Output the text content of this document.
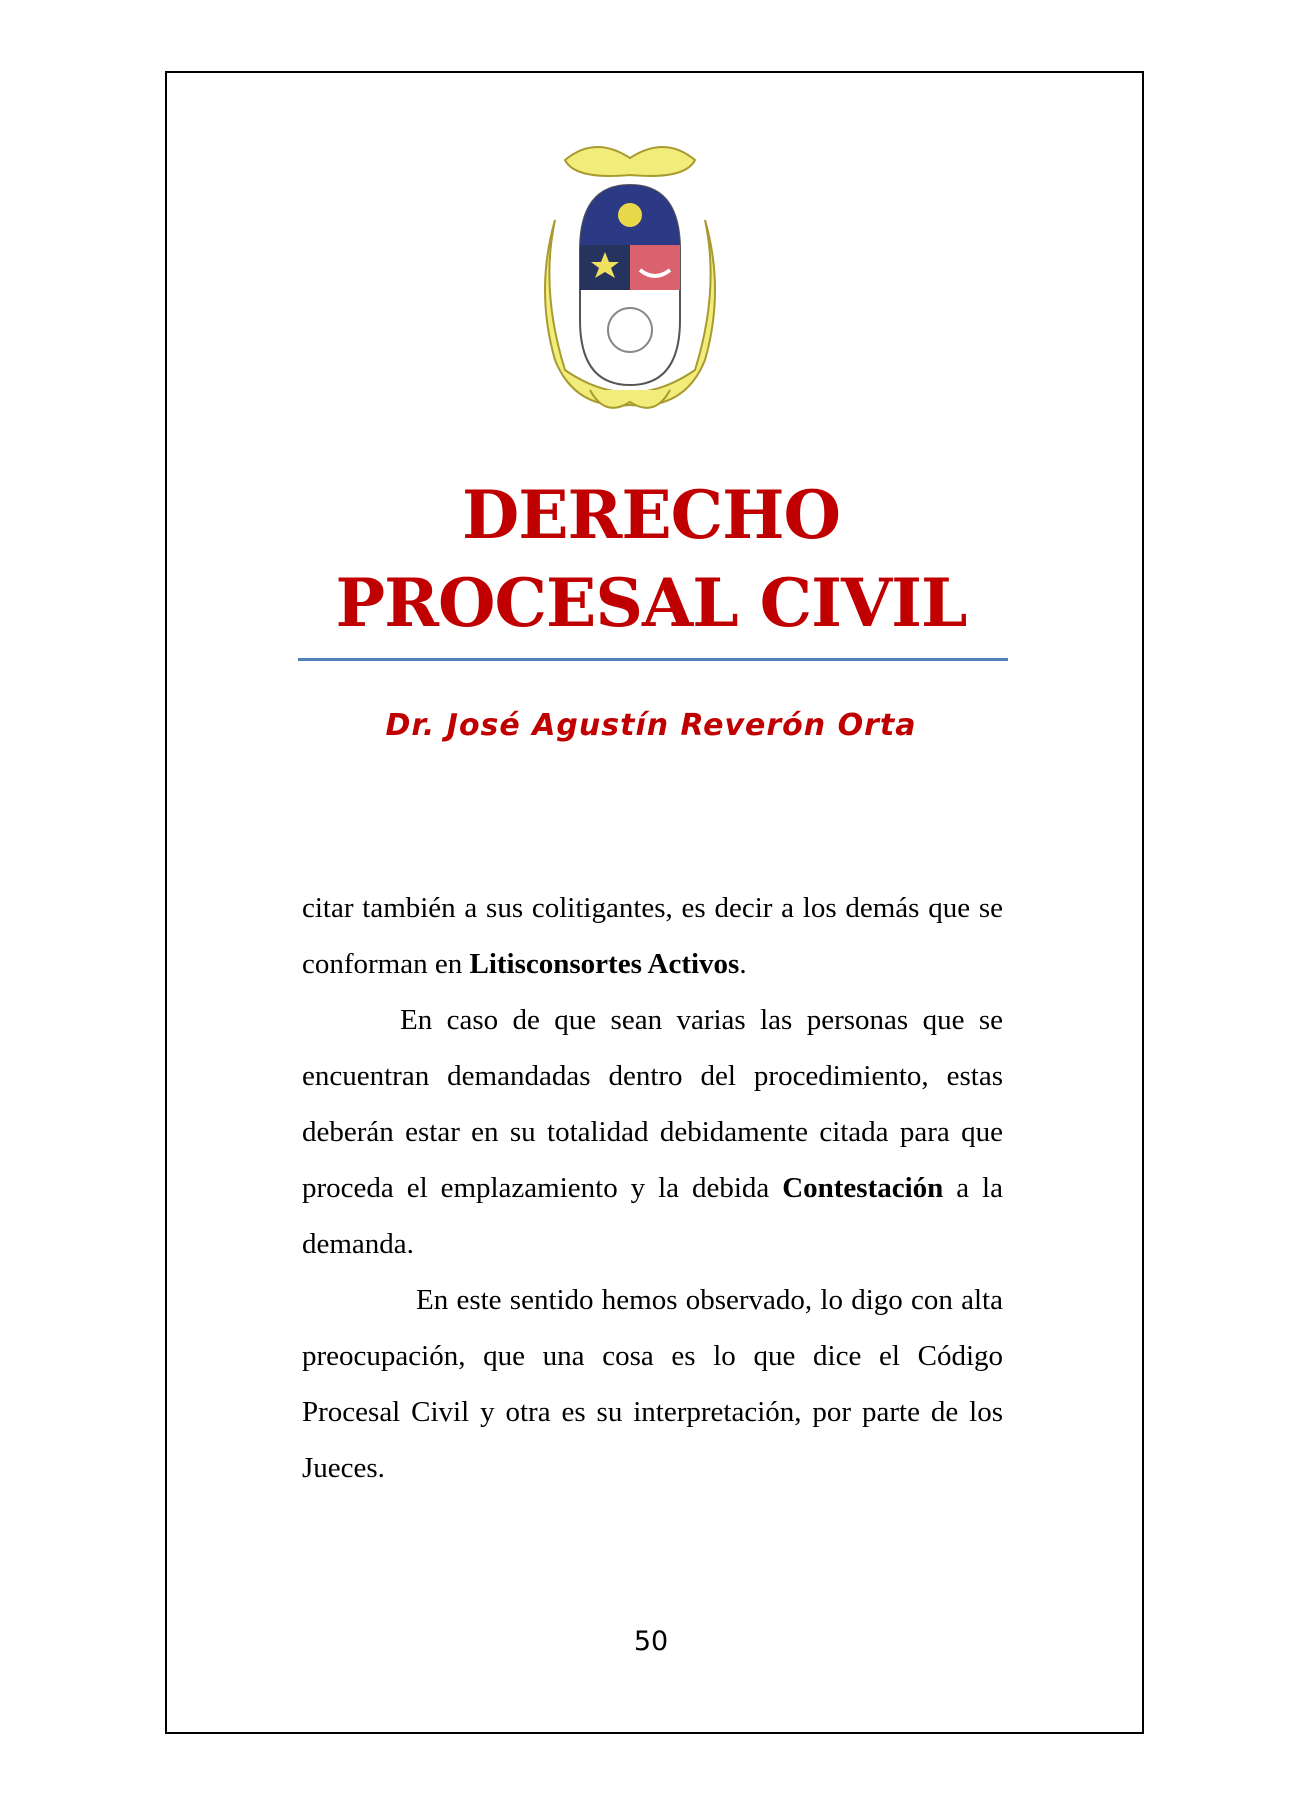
DERECHO
PROCESAL CIVIL
Dr. José Agustín Reverón Orta

citar también a sus colitigantes, es decir a los demás que se conforman en Litisconsortes Activos.

En caso de que sean varias las personas que se encuentran demandadas dentro del procedimiento, estas deberán estar en su totalidad debidamente citada para que proceda el emplazamiento y la debida Contestación a la demanda.

En este sentido hemos observado, lo digo con alta preocupación, que una cosa es lo que dice el Código Procesal Civil y otra es su interpretación, por parte de los Jueces.

50
